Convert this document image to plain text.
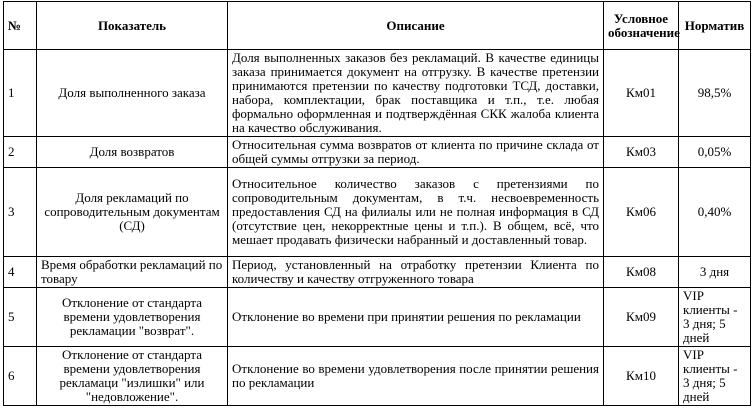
№	Показатель	Описание	Условное обозначение	Норматив
1	Доля выполненного заказа	Доля выполненных заказов без рекламаций. В качестве единицы заказа принимается документ на отгрузку. В качестве претензии принимаются претензии по качеству подготовки ТСД, доставки, набора, комплектации, брак поставщика и т.п., т.е. любая формально оформленная и подтверждённая СКК жалоба клиента на качество обслуживания.	Км01	98,5%
2	Доля возвратов	Относительная сумма возвратов от клиента по причине склада от общей суммы отгрузки за период.	Км03	0,05%
3	Доля рекламаций по сопроводительным документам (СД)	Относительное количество заказов с претензиями по сопроводительным документам, в т.ч. несвоевременность предоставления СД на филиалы или не полная информация в СД (отсутствие цен, некорректные цены и т.п.). В общем, всё, что мешает продавать физически набранный и доставленный товар.	Км06	0,40%
4	Время обработки рекламаций по товару	Период, установленный на отработку претензии Клиента по количеству и качеству отгруженного товара	Км08	3 дня
5	Отклонение от стандарта времени удовлетворения рекламации "возврат".	Отклонение во времени при принятии решения по рекламации	Км09	VIP клиенты - 3 дня; 5 дней
6	Отклонение от стандарта времени удовлетворения рекламаци "излишки" или "недовложение".	Отклонение во времени удовлетворения после принятии решения по рекламации	Км10	VIP клиенты - 3 дня; 5 дней
